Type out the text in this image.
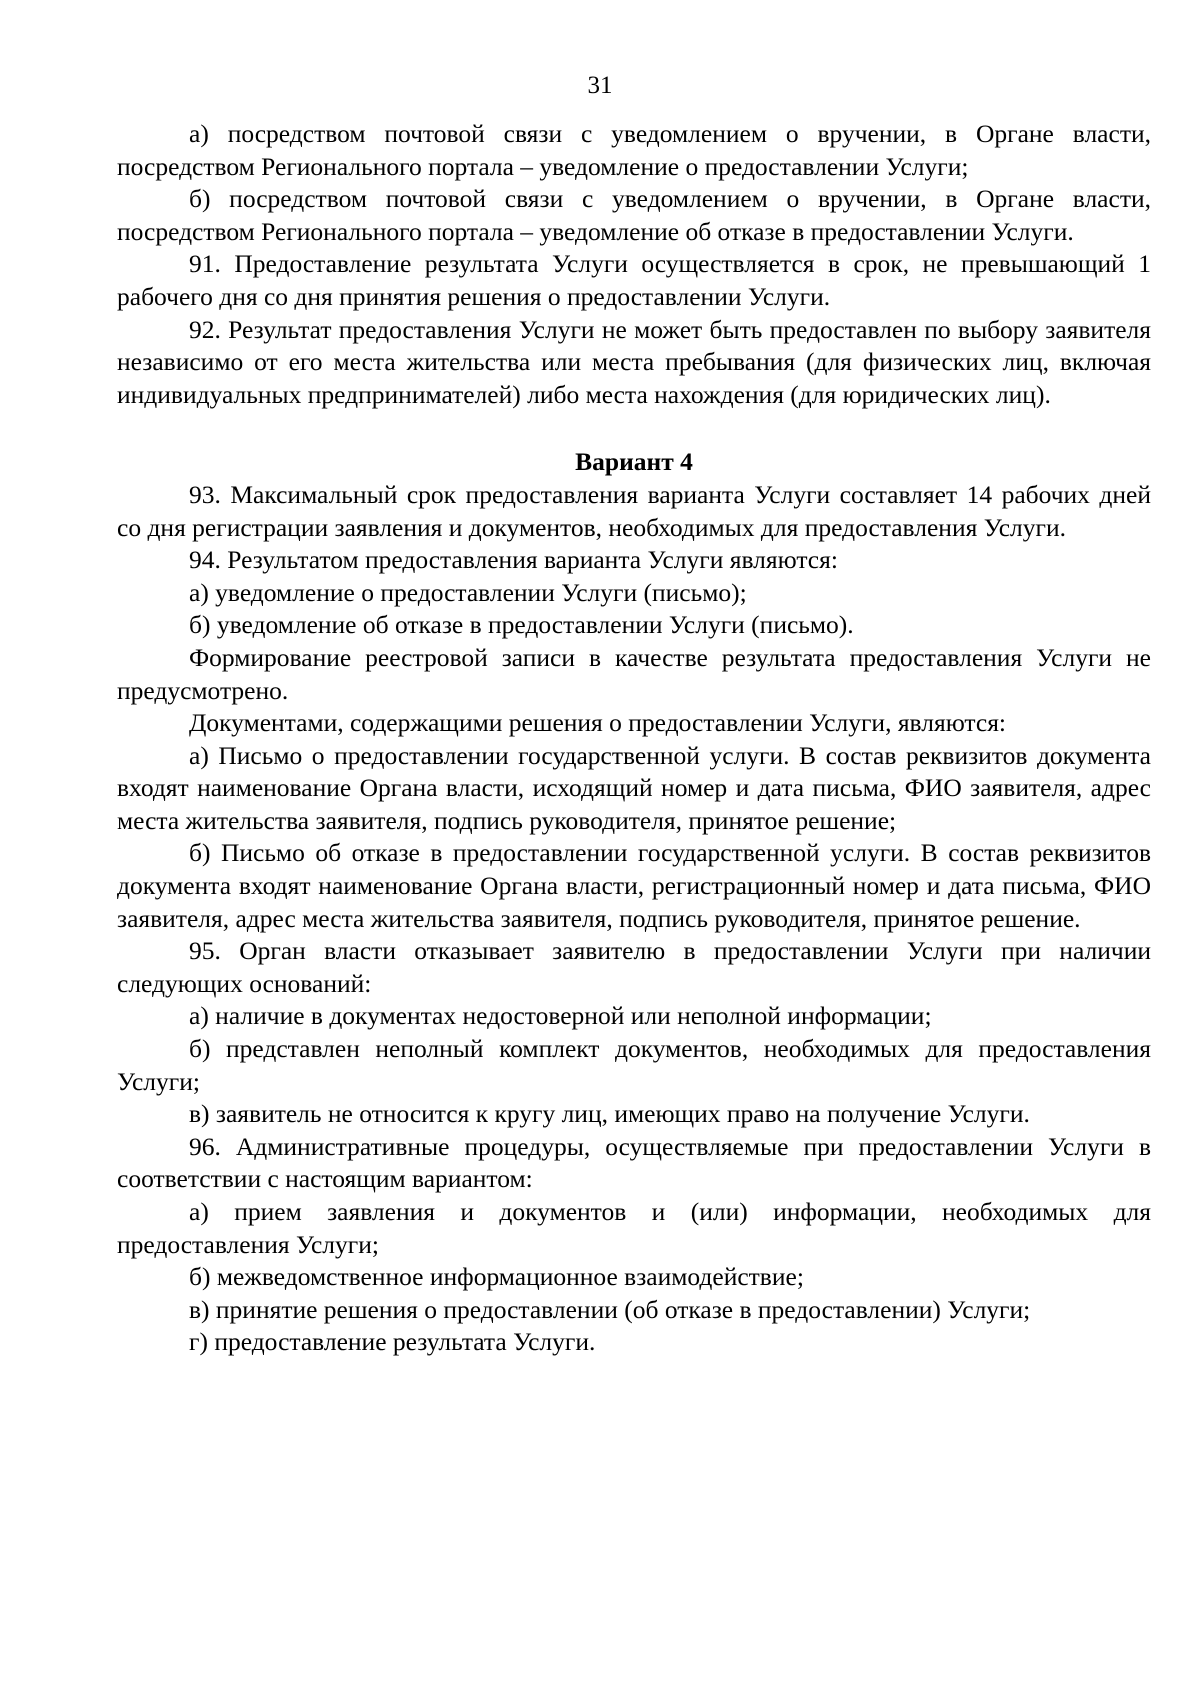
31

а) посредством почтовой связи с уведомлением о вручении, в Органе власти, посредством Регионального портала – уведомление о предоставлении Услуги;

б) посредством почтовой связи с уведомлением о вручении, в Органе власти, посредством Регионального портала – уведомление об отказе в предоставлении Услуги.

91. Предоставление результата Услуги осуществляется в срок, не превышающий 1 рабочего дня со дня принятия решения о предоставлении Услуги.

92. Результат предоставления Услуги не может быть предоставлен по выбору заявителя независимо от его места жительства или места пребывания (для физических лиц, включая индивидуальных предпринимателей) либо места нахождения (для юридических лиц).

Вариант 4

93. Максимальный срок предоставления варианта Услуги составляет 14 рабочих дней со дня регистрации заявления и документов, необходимых для предоставления Услуги.

94. Результатом предоставления варианта Услуги являются:

а) уведомление о предоставлении Услуги (письмо);

б) уведомление об отказе в предоставлении Услуги (письмо).

Формирование реестровой записи в качестве результата предоставления Услуги не предусмотрено.

Документами, содержащими решения о предоставлении Услуги, являются:

а) Письмо о предоставлении государственной услуги. В состав реквизитов документа входят наименование Органа власти, исходящий номер и дата письма, ФИО заявителя, адрес места жительства заявителя, подпись руководителя, принятое решение;

б) Письмо об отказе в предоставлении государственной услуги. В состав реквизитов документа входят наименование Органа власти, регистрационный номер и дата письма, ФИО заявителя, адрес места жительства заявителя, подпись руководителя, принятое решение.

95. Орган власти отказывает заявителю в предоставлении Услуги при наличии следующих оснований:

а) наличие в документах недостоверной или неполной информации;

б) представлен неполный комплект документов, необходимых для предоставления Услуги;

в) заявитель не относится к кругу лиц, имеющих право на получение Услуги.

96. Административные процедуры, осуществляемые при предоставлении Услуги в соответствии с настоящим вариантом:

а) прием заявления и документов и (или) информации, необходимых для предоставления Услуги;

б) межведомственное информационное взаимодействие;

в) принятие решения о предоставлении (об отказе в предоставлении) Услуги;

г) предоставление результата Услуги.
